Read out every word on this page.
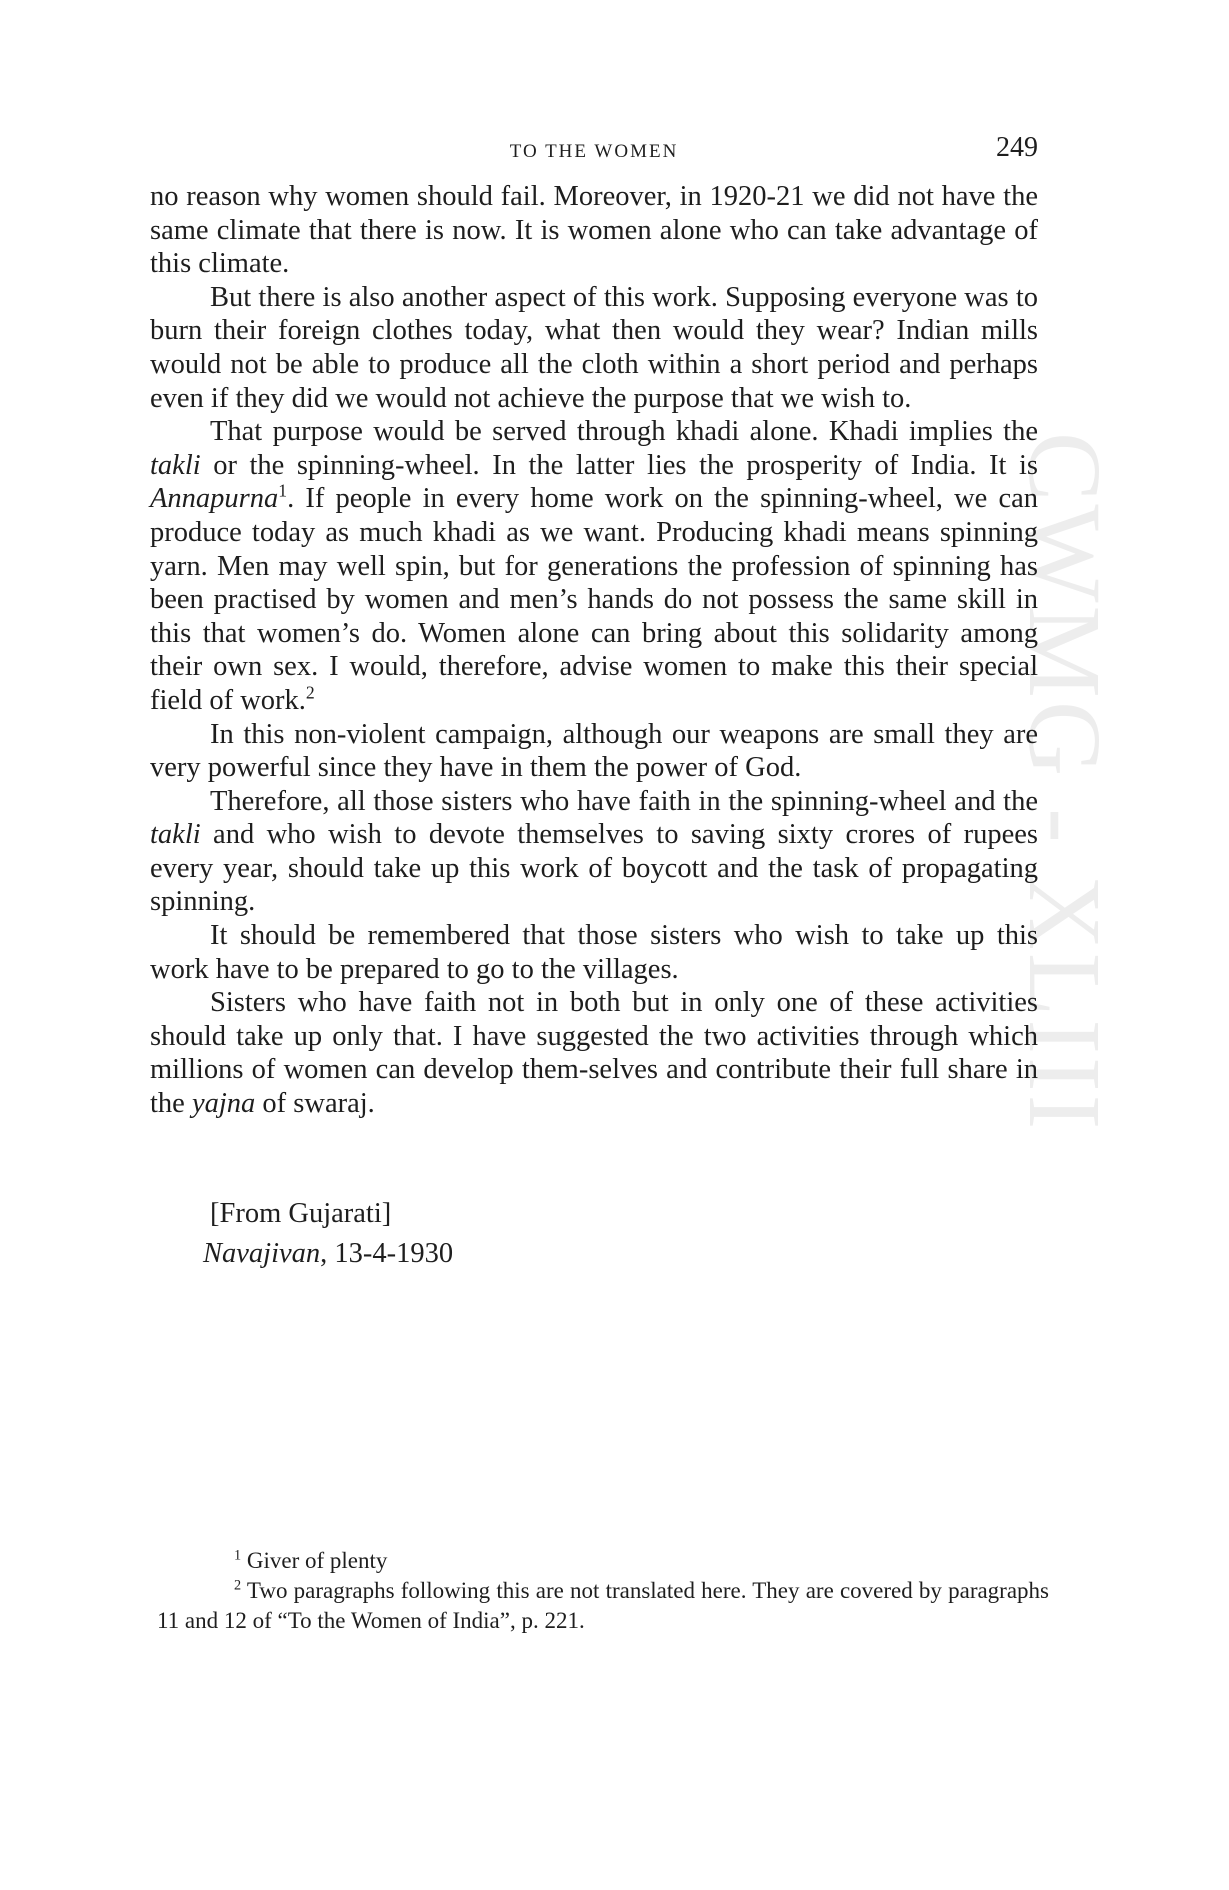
CWMG - XLIII
TO THE WOMEN	249

no reason why women should fail. Moreover, in 1920-21 we did not have the same climate that there is now. It is women alone who can take advantage of this climate.

But there is also another aspect of this work. Supposing everyone was to burn their foreign clothes today, what then would they wear? Indian mills would not be able to produce all the cloth within a short period and perhaps even if they did we would not achieve the purpose that we wish to.

That purpose would be served through khadi alone. Khadi implies the takli or the spinning-wheel. In the latter lies the prosperity of India. It is Annapurna$^1$. If people in every home work on the spinning-wheel, we can produce today as much khadi as we want. Producing khadi means spinning yarn. Men may well spin, but for generations the profession of spinning has been practised by women and men’s hands do not possess the same skill in this that women’s do. Women alone can bring about this solidarity among their own sex. I would, therefore, advise women to make this their special field of work.$^2$

In this non-violent campaign, although our weapons are small they are very powerful since they have in them the power of God.

Therefore, all those sisters who have faith in the spinning-wheel and the takli and who wish to devote themselves to saving sixty crores of rupees every year, should take up this work of boycott and the task of propagating spinning.

It should be remembered that those sisters who wish to take up this work have to be prepared to go to the villages.

Sisters who have faith not in both but in only one of these activities should take up only that. I have suggested the two activities through which millions of women can develop them-selves and contribute their full share in the yajna of swaraj.

[From Gujarati]
Navajivan, 13-4-1930

$^1$ Giver of plenty

$^2$ Two paragraphs following this are not translated here. They are covered by paragraphs 11 and 12 of “To the Women of India”, p. 221.
